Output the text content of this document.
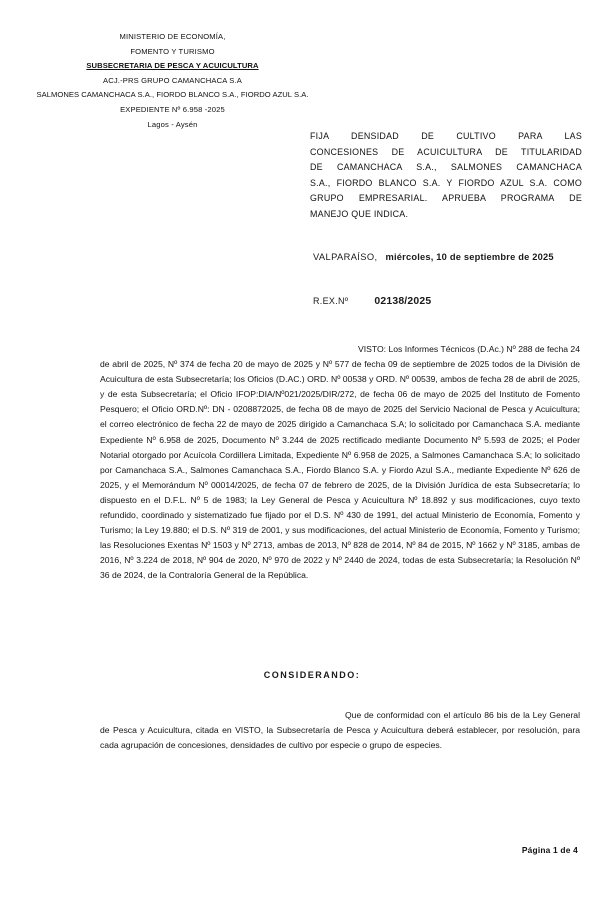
MINISTERIO DE ECONOMÍA,
FOMENTO Y TURISMO
SUBSECRETARIA DE PESCA Y ACUICULTURA
ACJ.-PRS GRUPO CAMANCHACA S.A
SALMONES CAMANCHACA S.A., FIORDO BLANCO S.A., FIORDO AZUL S.A.
EXPEDIENTE Nº 6.958 -2025
Lagos - Aysén
FIJA DENSIDAD DE CULTIVO PARA LAS
CONCESIONES DE ACUICULTURA DE TITULARIDAD
DE CAMANCHACA S.A., SALMONES CAMANCHACA
S.A., FIORDO BLANCO S.A. Y FIORDO AZUL S.A. COMO
GRUPO EMPRESARIAL. APRUEBA PROGRAMA DE
MANEJO QUE INDICA.
VALPARAÍSO, miércoles, 10 de septiembre de 2025
R.EX.Nº	02138/2025

VISTO: Los Informes Técnicos (D.Ac.) Nº 288 de fecha 24 de abril de 2025, Nº 374 de fecha 20 de mayo de 2025 y Nº 577 de fecha 09 de septiembre de 2025 todos de la División de Acuicultura de esta Subsecretaría; los Oficios (D.AC.) ORD. Nº 00538 y ORD. Nº 00539, ambos de fecha 28 de abril de 2025, y de esta Subsecretaría; el Oficio IFOP:DIA/Nº021/2025/DIR/272, de fecha 06 de mayo de 2025 del Instituto de Fomento Pesquero; el Oficio ORD.Nº: DN - 0208872025, de fecha 08 de mayo de 2025 del Servicio Nacional de Pesca y Acuicultura; el correo electrónico de fecha 22 de mayo de 2025 dirigido a Camanchaca S.A; lo solicitado por Camanchaca S.A. mediante Expediente Nº 6.958 de 2025, Documento Nº 3.244 de 2025 rectificado mediante Documento Nº 5.593 de 2025; el Poder Notarial otorgado por Acuícola Cordillera Limitada, Expediente Nº 6.958 de 2025, a Salmones Camanchaca S.A; lo solicitado por Camanchaca S.A., Salmones Camanchaca S.A., Fiordo Blanco S.A. y Fiordo Azul S.A., mediante Expediente Nº 626 de 2025, y el Memorándum Nº 00014/2025, de fecha 07 de febrero de 2025, de la División Jurídica de esta Subsecretaría; lo dispuesto en el D.F.L. Nº 5 de 1983; la Ley General de Pesca y Acuicultura Nº 18.892 y sus modificaciones, cuyo texto refundido, coordinado y sistematizado fue fijado por el D.S. Nº 430 de 1991, del actual Ministerio de Economía, Fomento y Turismo; la Ley 19.880; el D.S. Nº 319 de 2001, y sus modificaciones, del actual Ministerio de Economía, Fomento y Turismo; las Resoluciones Exentas Nº 1503 y Nº 2713, ambas de 2013, Nº 828 de 2014, Nº 84 de 2015, Nº 1662 y Nº 3185, ambas de 2016, Nº 3.224 de 2018, Nº 904 de 2020, Nº 970 de 2022 y Nº 2440 de 2024, todas de esta Subsecretaría; la Resolución Nº 36 de 2024, de la Contraloría General de la República.

CONSIDERANDO:

Que de conformidad con el artículo 86 bis de la Ley General de Pesca y Acuicultura, citada en VISTO, la Subsecretaría de Pesca y Acuicultura deberá establecer, por resolución, para cada agrupación de concesiones, densidades de cultivo por especie o grupo de especies.

Página 1 de 4
